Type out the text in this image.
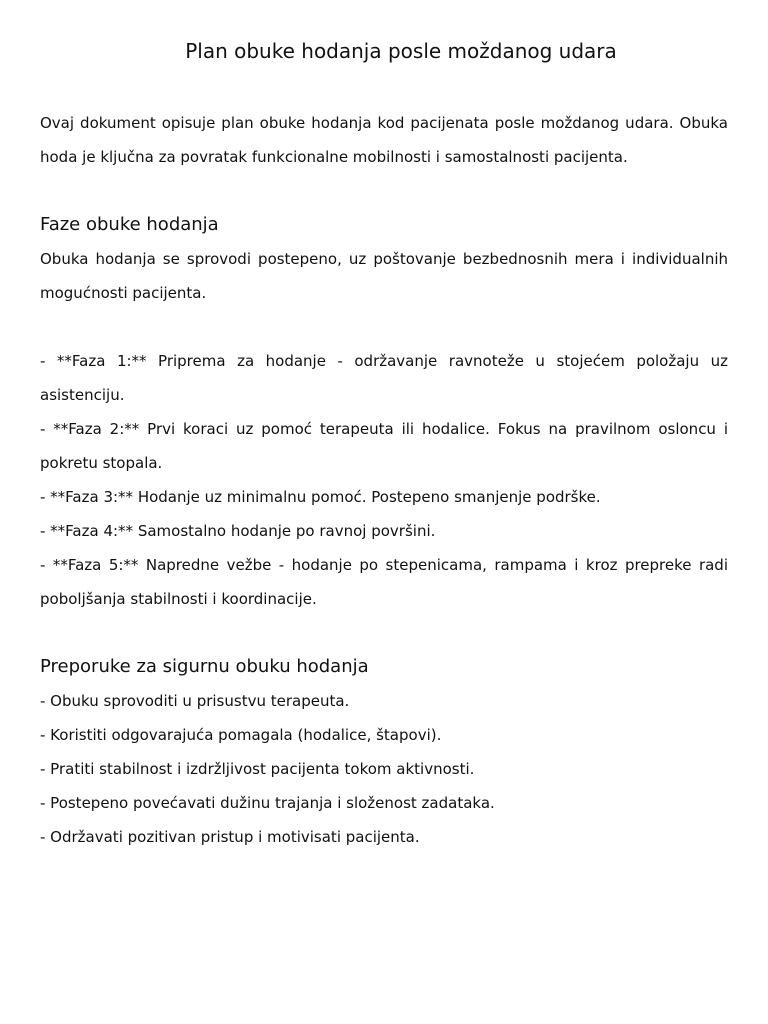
Plan obuke hodanja posle moždanog udara

Ovaj dokument opisuje plan obuke hodanja kod pacijenata posle moždanog udara. Obuka hoda je ključna za povratak funkcionalne mobilnosti i samostalnosti pacijenta.

Faze obuke hodanja

Obuka hodanja se sprovodi postepeno, uz poštovanje bezbednosnih mera i individualnih mogućnosti pacijenta.

- **Faza 1:** Priprema za hodanje - održavanje ravnoteže u stojećem položaju uz asistenciju.
- **Faza 2:** Prvi koraci uz pomoć terapeuta ili hodalice. Fokus na pravilnom osloncu i pokretu stopala.
- **Faza 3:** Hodanje uz minimalnu pomoć. Postepeno smanjenje podrške.
- **Faza 4:** Samostalno hodanje po ravnoj površini.
- **Faza 5:** Napredne vežbe - hodanje po stepenicama, rampama i kroz prepreke radi poboljšanja stabilnosti i koordinacije.
Preporuke za sigurnu obuku hodanja
- Obuku sprovoditi u prisustvu terapeuta.
- Koristiti odgovarajuća pomagala (hodalice, štapovi).
- Pratiti stabilnost i izdržljivost pacijenta tokom aktivnosti.
- Postepeno povećavati dužinu trajanja i složenost zadataka.
- Održavati pozitivan pristup i motivisati pacijenta.
